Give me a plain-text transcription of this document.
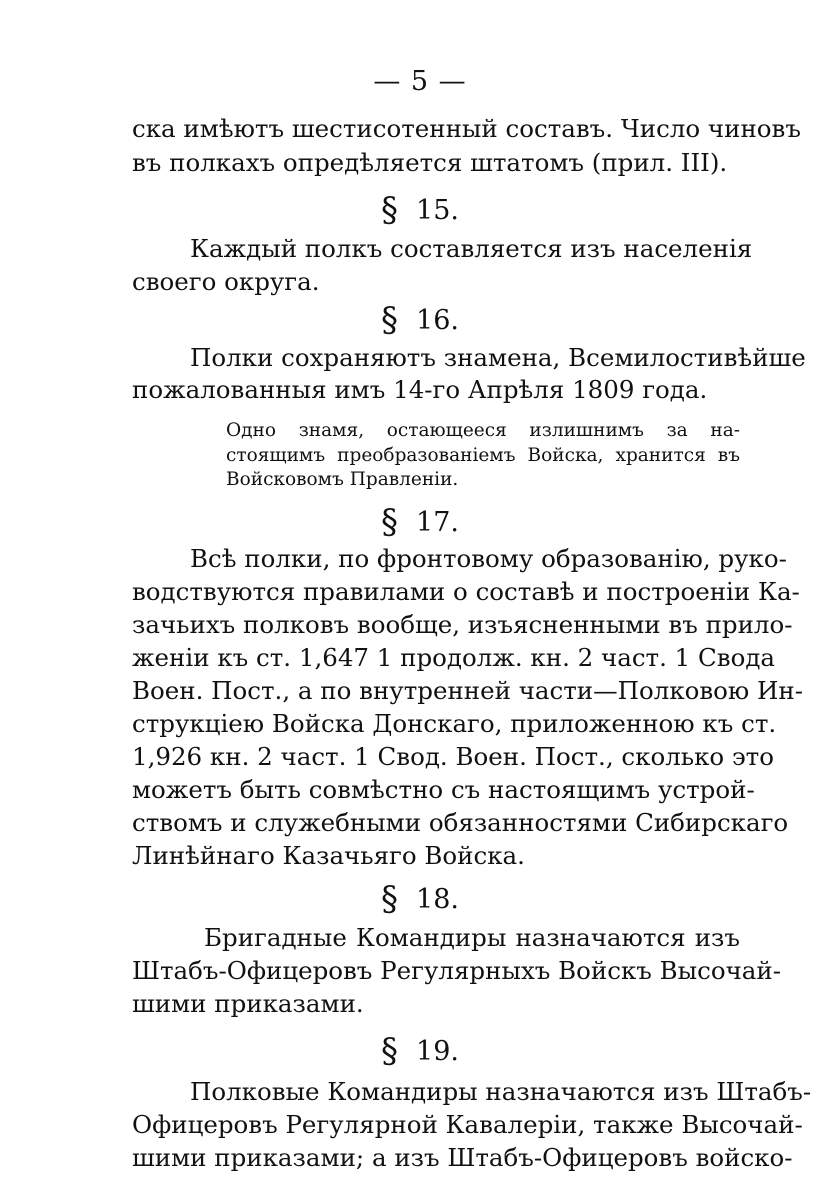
— 5 —
ска имѣютъ шестисотенный составъ. Число чиновъ
въ полкахъ опредѣляется штатомъ (прил. III).
§ 15.
Каждый полкъ составляется изъ населенія
своего округа.
§ 16.
Полки сохраняютъ знамена, Всемилостивѣйше
пожалованныя имъ 14-го Апрѣля 1809 года.
Одно знамя, остающееся излишнимъ за на-
стоящимъ преобразованіемъ Войска, хранится въ
Войсковомъ Правленіи.
§ 17.
Всѣ полки, по фронтовому образованію, руко-
водствуются правилами о составѣ и построеніи Ка-
зачьихъ полковъ вообще, изъясненными въ прило-
женіи къ ст. 1,647 1 продолж. кн. 2 част. 1 Свода
Воен. Пост., а по внутренней части—Полковою Ин-
струкціею Войска Донскаго, приложенною къ ст.
1,926 кн. 2 част. 1 Свод. Воен. Пост., сколько это
можетъ быть совмѣстно съ настоящимъ устрой-
ствомъ и служебными обязанностями Сибирскаго
Линѣйнаго Казачьяго Войска.
§ 18.
Бригадные Командиры назначаются изъ
Штабъ-Офицеровъ Регулярныхъ Войскъ Высочай-
шими приказами.
§ 19.
Полковые Командиры назначаются изъ Штабъ-
Офицеровъ Регулярной Кавалеріи, также Высочай-
шими приказами; а изъ Штабъ-Офицеровъ войско-
